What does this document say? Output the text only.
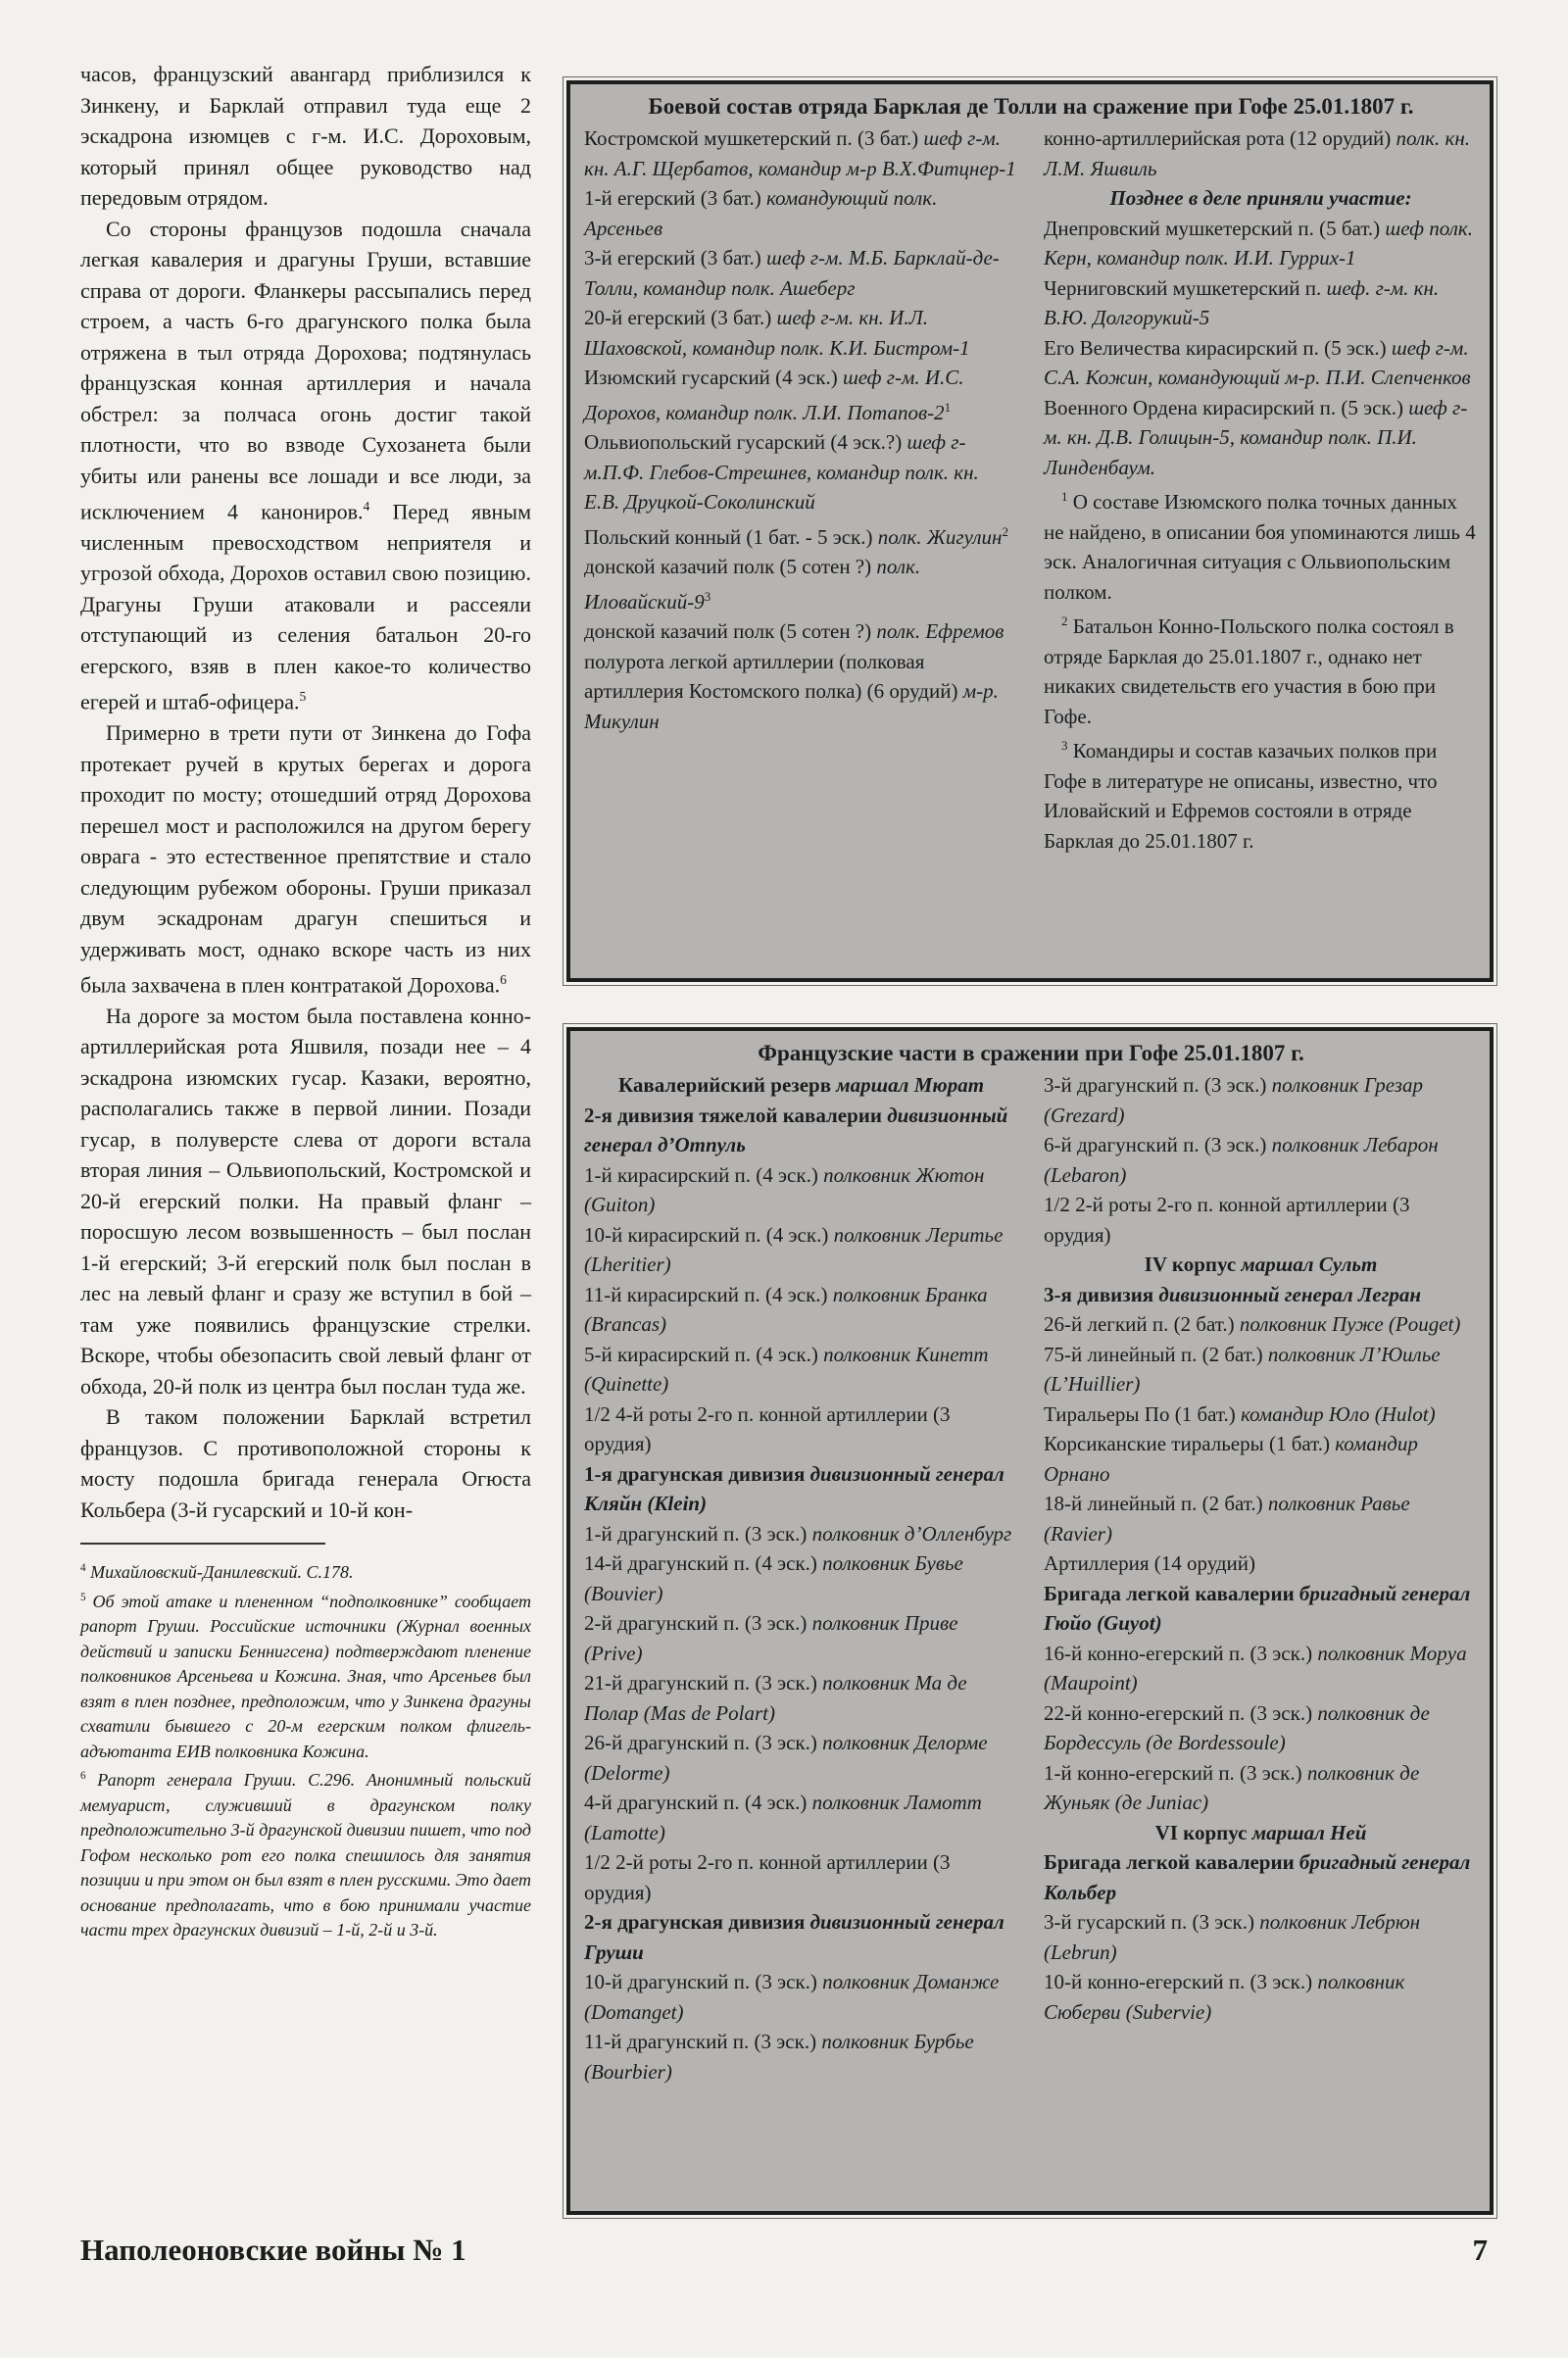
часов, французский авангард приблизился к Зинкену, и Барклай отправил туда еще 2 эскадрона изюмцев с г-м. И.С. Дороховым, который принял общее руководство над передовым отрядом.

Со стороны французов подошла сначала легкая кавалерия и драгуны Груши, вставшие справа от дороги. Фланкеры рассыпались перед строем, а часть 6-го драгунского полка была отряжена в тыл отряда Дорохова; подтянулась французская конная артиллерия и начала обстрел: за полчаса огонь достиг такой плотности, что во взводе Сухозанета были убиты или ранены все лошади и все люди, за исключением 4 канониров.$^4$ Перед явным численным превосходством неприятеля и угрозой обхода, Дорохов оставил свою позицию. Драгуны Груши атаковали и рассеяли отступающий из селения батальон 20-го егерского, взяв в плен какое-то количество егерей и штаб-офицера.$^5$

Примерно в трети пути от Зинкена до Гофа протекает ручей в крутых берегах и дорога проходит по мосту; отошедший отряд Дорохова перешел мост и расположился на другом берегу оврага - это естественное препятствие и стало следующим рубежом обороны. Груши приказал двум эскадронам драгун спешиться и удерживать мост, однако вскоре часть из них была захвачена в плен контратакой Дорохова.$^6$

На дороге за мостом была поставлена конно-артиллерийская рота Яшвиля, позади нее – 4 эскадрона изюмских гусар. Казаки, вероятно, располагались также в первой линии. Позади гусар, в полуверсте слева от дороги встала вторая линия – Ольвиопольский, Костромской и 20-й егерский полки. На правый фланг – поросшую лесом возвышенность – был послан 1-й егерский; 3-й егерский полк был послан в лес на левый фланг и сразу же вступил в бой – там уже появились французские стрелки. Вскоре, чтобы обезопасить свой левый фланг от обхода, 20-й полк из центра был послан туда же.

В таком положении Барклай встретил французов. С противоположной стороны к мосту подошла бригада генерала Огюста Кольбера (3-й гусарский и 10-й кон-

$^4$ Михайловский-Данилевский. С.178.

$^5$ Об этой атаке и плененном “подполковнике” сообщает рапорт Груши. Российские источники (Журнал военных действий и записки Беннигсена) подтверждают пленение полковников Арсеньева и Кожина. Зная, что Арсеньев был взят в плен позднее, предположим, что у Зинкена драгуны схватили бывшего с 20-м егерским полком флигель-адъютанта ЕИВ полковника Кожина.

$^6$ Рапорт генерала Груши. С.296. Анонимный польский мемуарист, служивший в драгунском полку предположительно 3-й драгунской дивизии пишет, что под Гофом несколько рот его полка спешилось для занятия позиции и при этом он был взят в плен русскими. Это дает основание предполагать, что в бою принимали участие части трех драгунских дивизий – 1-й, 2-й и 3-й.

Боевой состав отряда Барклая де Толли на сражение при Гофе 25.01.1807 г.
Костромской мушкетерский п. (3 бат.) шеф г-м. кн. А.Г. Щербатов, командир м-р В.Х.Фитцнер-1
1-й егерский (3 бат.) командующий полк. Арсеньев
3-й егерский (3 бат.) шеф г-м. М.Б. Барклай-де-Толли, командир полк. Ашеберг
20-й егерский (3 бат.) шеф г-м. кн. И.Л. Шаховской, командир полк. К.И. Бистром-1
Изюмский гусарский (4 эск.) шеф г-м. И.С. Дорохов, командир полк. Л.И. Потапов-$2^1$
Ольвиопольский гусарский (4 эск.?) шеф г-м.П.Ф. Глебов-Стрешнев, командир полк. кн. Е.В. Друцкой-Соколинский
Польский конный (1 бат. - 5 эск.) полк. Жигулин$^2$
донской казачий полк (5 сотен ?) полк. Иловайский-$9^3$
донской казачий полк (5 сотен ?) полк. Ефремов
полурота легкой артиллерии (полковая артиллерия Костомского полка) (6 орудий) м-р. Микулин
конно-артиллерийская рота (12 орудий) полк. кн. Л.М. Яшвиль
Позднее в деле приняли участие:
Днепровский мушкетерский п. (5 бат.) шеф полк. Керн, командир полк. И.И. Гуррих-1
Черниговский мушкетерский п. шеф. г-м. кн. В.Ю. Долгорукий-5
Его Величества кирасирский п. (5 эск.) шеф г-м. С.А. Кожин, командующий м-р. П.И. Слепченков
Военного Ордена кирасирский п. (5 эск.) шеф г-м. кн. Д.В. Голицын-5, командир полк. П.И. Линденбаум.
$^1$ О составе Изюмского полка точных данных не найдено, в описании боя упоминаются лишь 4 эск. Аналогичная ситуация с Ольвиопольским полком.
$^2$ Батальон Конно-Польского полка состоял в отряде Барклая до 25.01.1807 г., однако нет никаких свидетельств его участия в бою при Гофе.
$^3$ Командиры и состав казачьих полков при Гофе в литературе не описаны, известно, что Иловайский и Ефремов состояли в отряде Барклая до 25.01.1807 г.
Французские части в сражении при Гофе 25.01.1807 г.
Кавалерийский резерв маршал Мюрат
2-я дивизия тяжелой кавалерии дивизионный генерал д’Отпуль
1-й кирасирский п. (4 эск.) полковник Жютон (Guiton)
10-й кирасирский п. (4 эск.) полковник Леритье (Lheritier)
11-й кирасирский п. (4 эск.) полковник Бранка (Brancas)
5-й кирасирский п. (4 эск.) полковник Кинетт (Quinette)
1/2 4-й роты 2-го п. конной артиллерии (3 орудия)
1-я драгунская дивизия дивизионный генерал Кляйн (Klein)
1-й драгунский п. (3 эск.) полковник д’Олленбург
14-й драгунский п. (4 эск.) полковник Бувье (Bouvier)
2-й драгунский п. (3 эск.) полковник Приве (Prive)
21-й драгунский п. (3 эск.) полковник Ма де Полар (Mas de Polart)
26-й драгунский п. (3 эск.) полковник Делорме (Delorme)
4-й драгунский п. (4 эск.) полковник Ламотт (Lamotte)
1/2 2-й роты 2-го п. конной артиллерии (3 орудия)
2-я драгунская дивизия дивизионный генерал Груши
10-й драгунский п. (3 эск.) полковник Доманже (Domanget)
11-й драгунский п. (3 эск.) полковник Бурбье (Bourbier)
3-й драгунский п. (3 эск.) полковник Грезар (Grezard)
6-й драгунский п. (3 эск.) полковник Лебарон (Lebaron)
1/2 2-й роты 2-го п. конной артиллерии (3 орудия)
IV корпус маршал Сульт
3-я дивизия дивизионный генерал Легран
26-й легкий п. (2 бат.) полковник Пуже (Pouget)
75-й линейный п. (2 бат.) полковник Л’Юилье (L’Huillier)
Тиральеры По (1 бат.) командир Юло (Hulot)
Корсиканские тиральеры (1 бат.) командир Орнано
18-й линейный п. (2 бат.) полковник Равье (Ravier)
Артиллерия (14 орудий)
Бригада легкой кавалерии бригадный генерал Гюйо (Guyot)
16-й конно-егерский п. (3 эск.) полковник Моpуа (Maupoint)
22-й конно-егерский п. (3 эск.) полковник де Бордессуль (де Bordessoule)
1-й конно-егерский п. (3 эск.) полковник де Жуньяк (де Juniac)
VI корпус маршал Ней
Бригада легкой кавалерии бригадный генерал Кольбер
3-й гусарский п. (3 эск.) полковник Лебрюн (Lebrun)
10-й конно-егерский п. (3 эск.) полковник Сюберви (Subervie)
Наполеоновские войны № 1	7
